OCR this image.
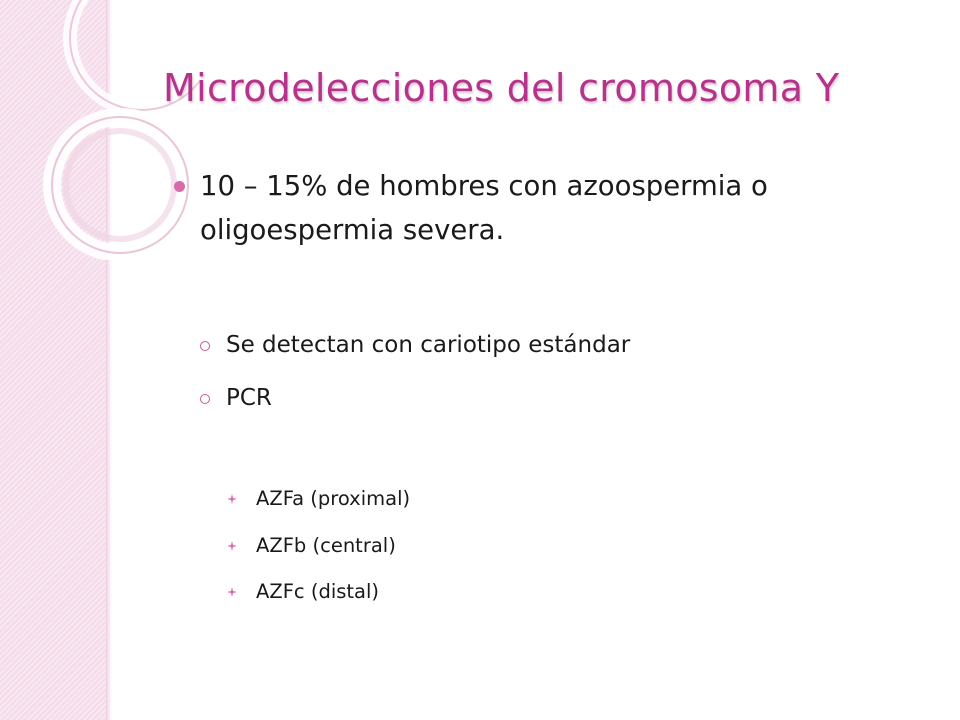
Microdelecciones del cromosoma Y
10 – 15% de hombres con azoospermia o oligoespermia severa.
Se detectan con cariotipo estándar
PCR
AZFa (proximal)
AZFb (central)
AZFc (distal)
